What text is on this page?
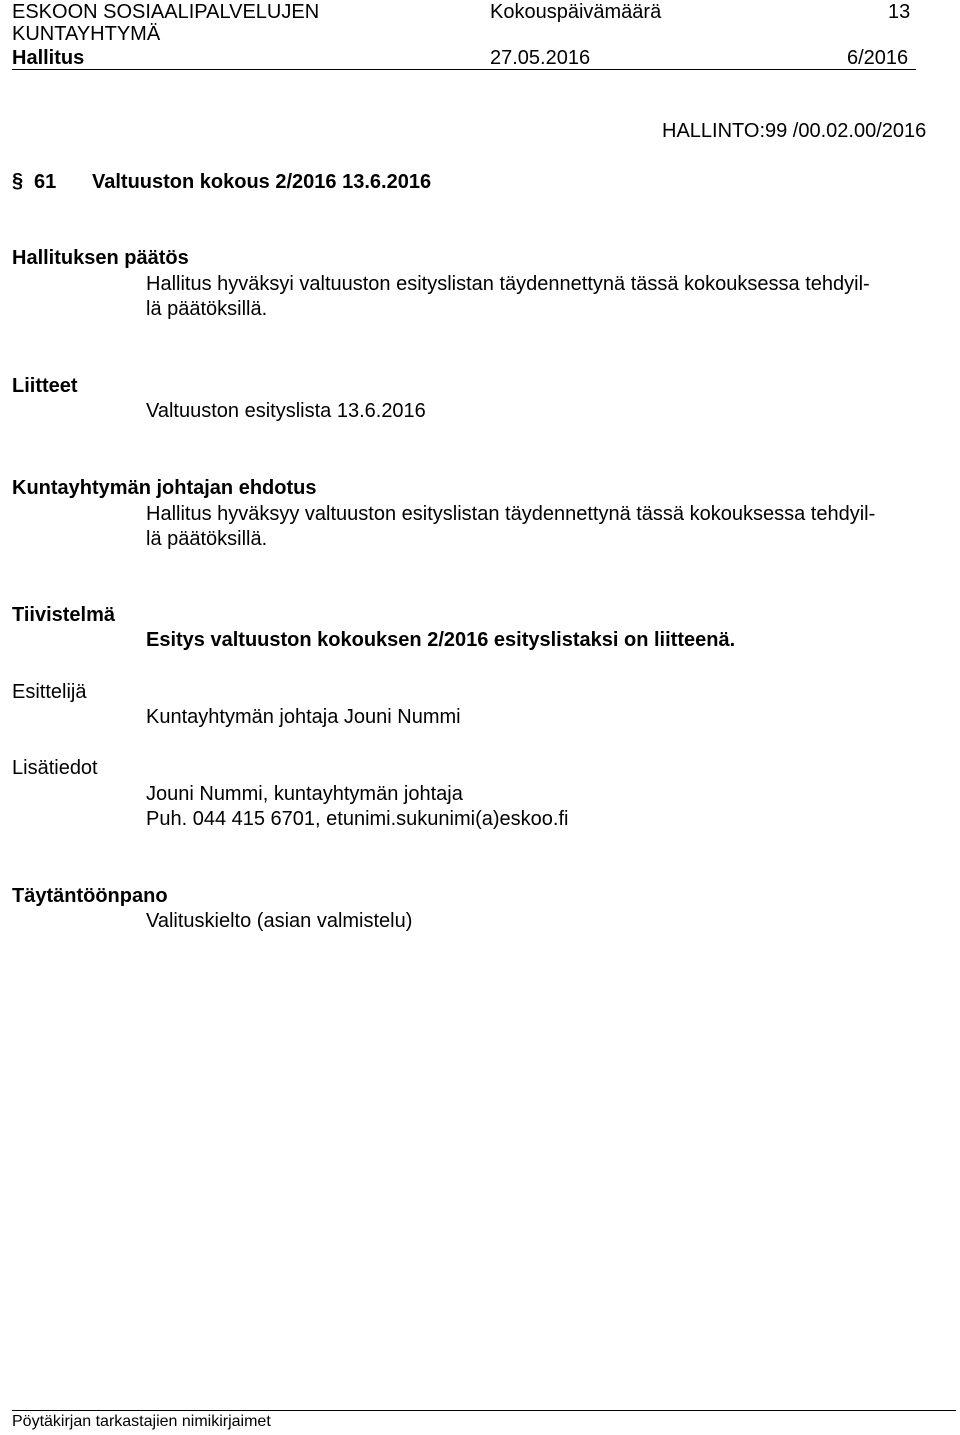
ESKOON SOSIAALIPALVELUJEN
KUNTAYHTYMÄ
Hallitus
Kokouspäivämäärä
27.05.2016
13
6/2016
HALLINTO:99 /00.02.00/2016
§ 61 Valtuuston kokous 2/2016 13.6.2016
Hallituksen päätös
Hallitus hyväksyi valtuuston esityslistan täydennettynä tässä kokouksessa tehdyil-
lä päätöksillä.
Liitteet
Valtuuston esityslista 13.6.2016
Kuntayhtymän johtajan ehdotus
Hallitus hyväksyy valtuuston esityslistan täydennettynä tässä kokouksessa tehdyil-
lä päätöksillä.
Tiivistelmä
Esitys valtuuston kokouksen 2/2016 esityslistaksi on liitteenä.
Esittelijä
Kuntayhtymän johtaja Jouni Nummi
Lisätiedot
Jouni Nummi, kuntayhtymän johtaja
Puh. 044 415 6701, etunimi.sukunimi(a)eskoo.fi
Täytäntöönpano
Valituskielto (asian valmistelu)
Pöytäkirjan tarkastajien nimikirjaimet
